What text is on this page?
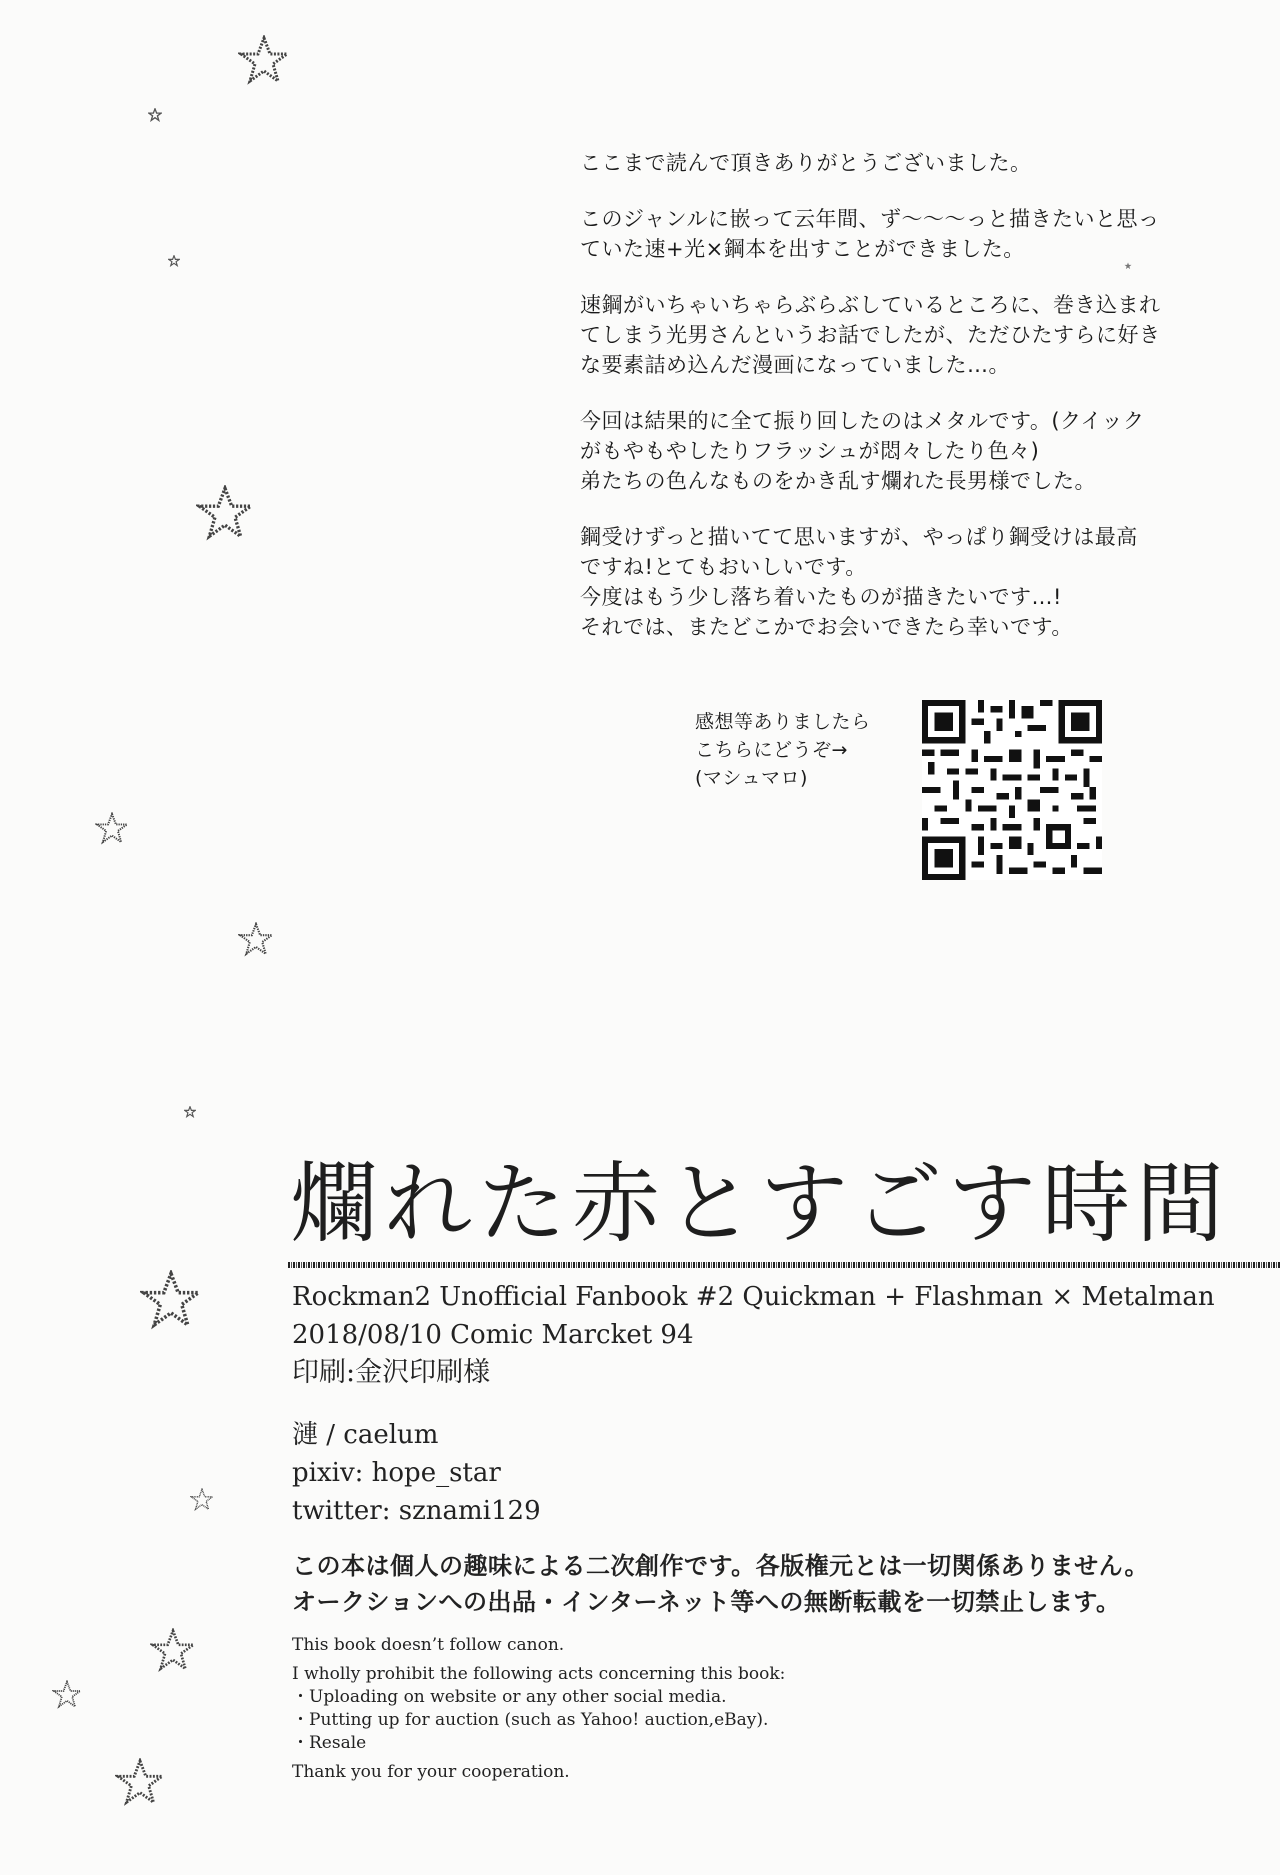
ここまで読んで頂きありがとうございました。

このジャンルに嵌って云年間、ず〜〜〜っと描きたいと思っ
ていた速+光×鋼本を出すことができました。

速鋼がいちゃいちゃらぶらぶしているところに、巻き込まれ
てしまう光男さんというお話でしたが、ただひたすらに好き
な要素詰め込んだ漫画になっていました…。

今回は結果的に全て振り回したのはメタルです。(クイック
がもやもやしたりフラッシュが悶々したり色々)
弟たちの色んなものをかき乱す爛れた長男様でした。

鋼受けずっと描いてて思いますが、やっぱり鋼受けは最高
ですね!とてもおいしいです。
今度はもう少し落ち着いたものが描きたいです…!
それでは、またどこかでお会いできたら幸いです。

感想等ありましたら
こちらにどうぞ→
(マシュマロ)
爛れた赤とすごす時間
Rockman2 Unofficial Fanbook #2 Quickman + Flashman × Metalman
2018/08/10 Comic Marcket 94
印刷:金沢印刷様
漣 / caelum
pixiv: hope_star
twitter: sznami129
この本は個人の趣味による二次創作です。各版権元とは一切関係ありません。
オークションへの出品・インターネット等への無断転載を一切禁止します。
This book doesn’t follow canon.
I wholly prohibit the following acts concerning this book:
・Uploading on website or any other social media.
・Putting up for auction (such as Yahoo! auction,eBay).
・Resale
Thank you for your cooperation.
